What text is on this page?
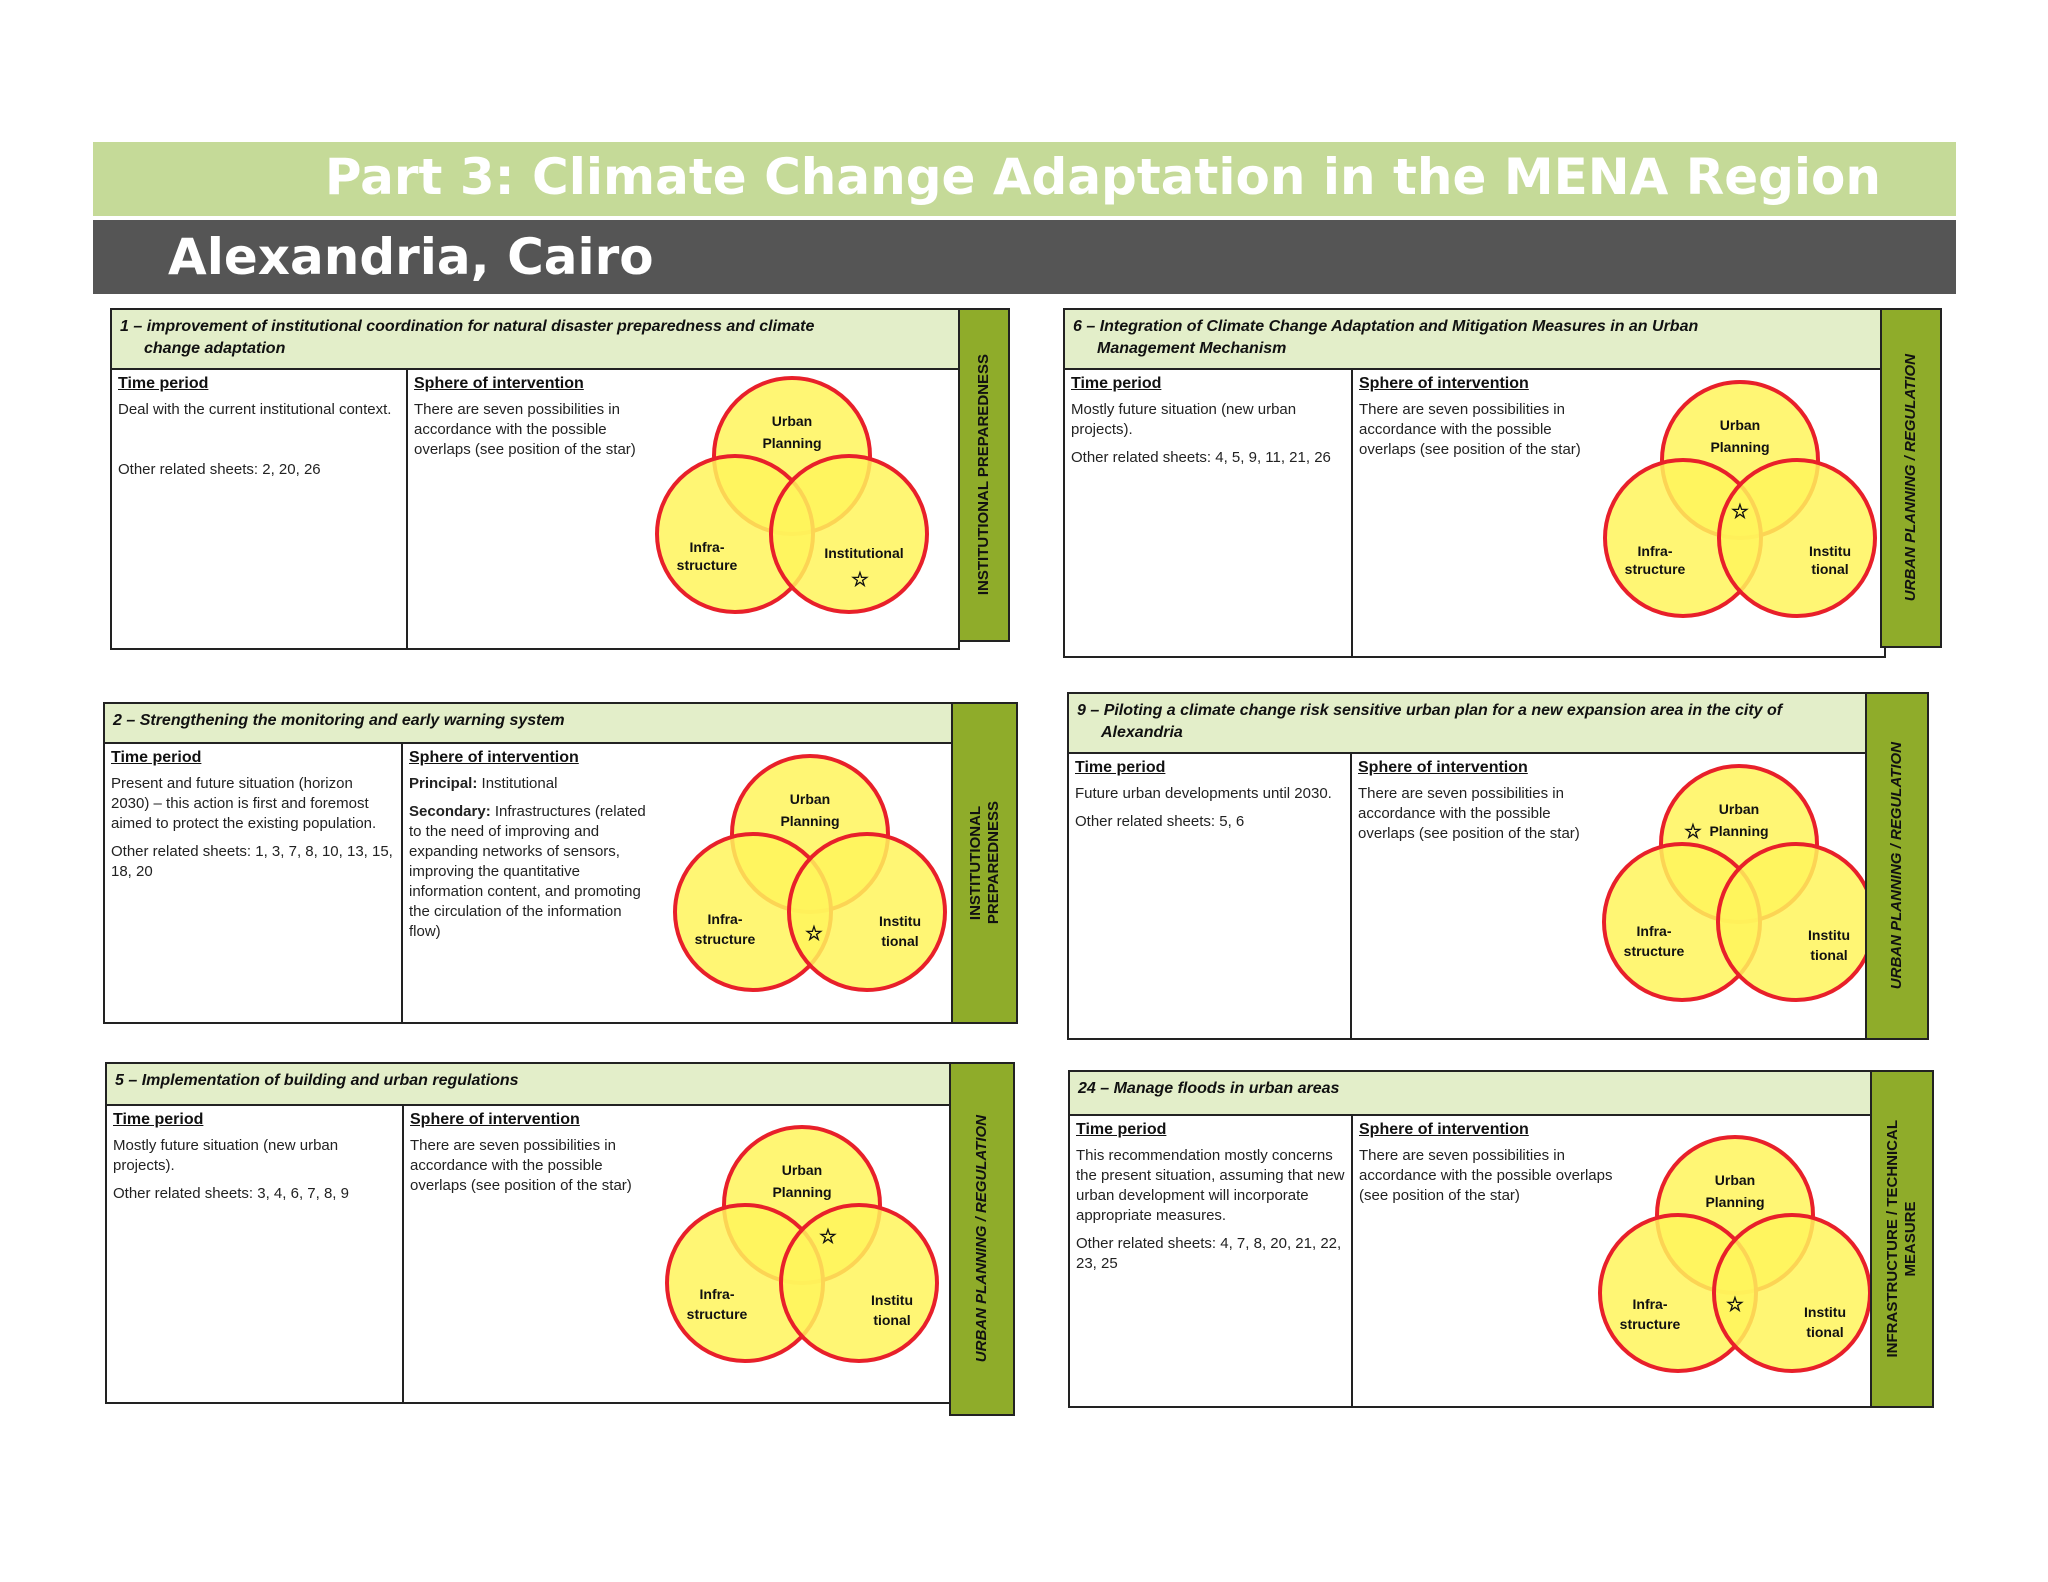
Part 3: Climate Change Adaptation in the MENA Region
Alexandria, Cairo
1 – improvement of institutional coordination for natural disaster preparedness and climate
change adaptation
Time period
Deal with the current institutional context.
Other related sheets: 2, 20, 26
Sphere of intervention
There are seven possibilities in accordance with the possible overlaps (see position of the star)
Urban
Planning
Infra-
structure
Institutional
☆	INSTITUTIONAL PREPAREDNESS
6 – Integration of Climate Change Adaptation and Mitigation Measures in an Urban
Management Mechanism
Time period
Mostly future situation (new urban projects).
Other related sheets: 4, 5, 9, 11, 21, 26
Sphere of intervention
There are seven possibilities in accordance with the possible overlaps (see position of the star)
Urban
Planning
Infra-
structure
Institu
tional
☆	URBAN PLANNING / REGULATION
2 – Strengthening the monitoring and early warning system
Time period
Present and future situation (horizon 2030) – this action is first and foremost aimed to protect the existing population.
Other related sheets: 1, 3, 7, 8, 10, 13, 15, 18, 20
Sphere of intervention
Principal: Institutional
Secondary: Infrastructures (related to the need of improving and expanding networks of sensors, improving the quantitative information content, and promoting the circulation of the information flow)
Urban
Planning
Infra-
structure
Institu
tional
☆
INSTITUTIONAL
PREPAREDNESS
9 – Piloting a climate change risk sensitive urban plan for a new expansion area in the city of
Alexandria
Time period
Future urban developments until 2030.
Other related sheets: 5, 6
Sphere of intervention
There are seven possibilities in accordance with the possible overlaps (see position of the star)
Urban
Planning
Infra-
structure
Institu
tional
☆	URBAN PLANNING / REGULATION
5 – Implementation of building and urban regulations
Time period
Mostly future situation (new urban projects).
Other related sheets: 3, 4, 6, 7, 8, 9
Sphere of intervention
There are seven possibilities in accordance with the possible overlaps (see position of the star)
Urban
Planning
Infra-
structure
Institu
tional
☆	URBAN PLANNING / REGULATION
24 – Manage floods in urban areas
Time period
This recommendation mostly concerns the present situation, assuming that new urban development will incorporate appropriate measures.
Other related sheets: 4, 7, 8, 20, 21, 22, 23, 25
Sphere of intervention
There are seven possibilities in accordance with the possible overlaps (see position of the star)
Urban
Planning
Infra-
structure
Institu
tional
☆	INFRASTRUCTURE / TECHNICAL
MEASURE
